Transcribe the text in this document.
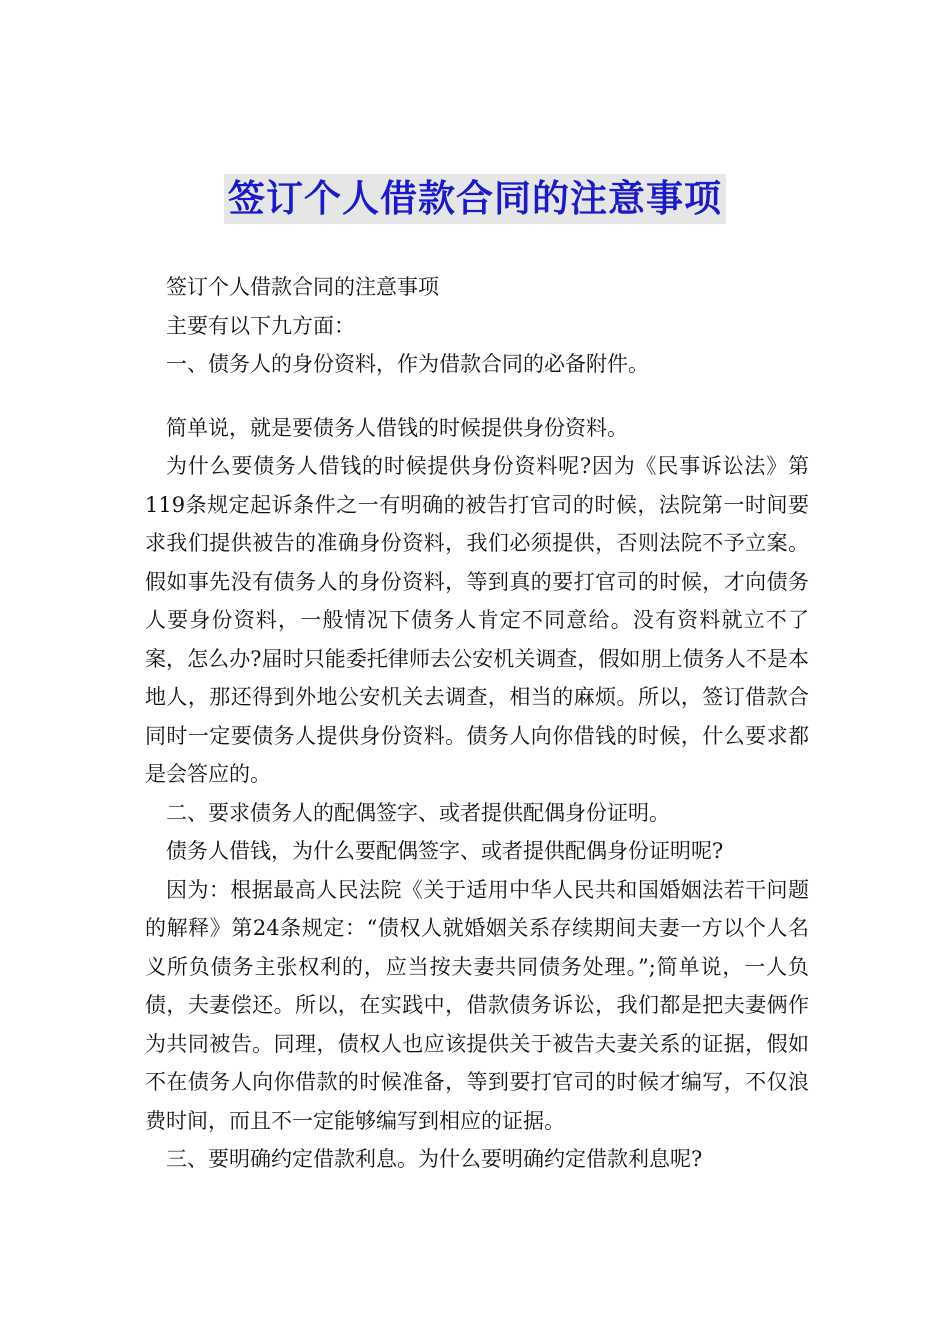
签订个人借款合同的注意事项

签订个人借款合同的注意事项

主要有以下九方面：

一、债务人的身份资料，作为借款合同的必备附件。

简单说，就是要债务人借钱的时候提供身份资料。

为什么要债务人借钱的时候提供身份资料呢?因为《民事诉讼法》第119条规定起诉条件之一有明确的被告打官司的时候，法院第一时间要求我们提供被告的准确身份资料，我们必须提供，否则法院不予立案。假如事先没有债务人的身份资料，等到真的要打官司的时候，才向债务人要身份资料，一般情况下债务人肯定不同意给。没有资料就立不了案，怎么办?届时只能委托律师去公安机关调查，假如朋上债务人不是本地人，那还得到外地公安机关去调查，相当的麻烦。所以，签订借款合同时一定要债务人提供身份资料。债务人向你借钱的时候，什么要求都是会答应的。

二、要求债务人的配偶签字、或者提供配偶身份证明。

债务人借钱，为什么要配偶签字、或者提供配偶身份证明呢?

因为：根据最高人民法院《关于适用中华人民共和国婚姻法若干问题的解释》第24条规定：“债权人就婚姻关系存续期间夫妻一方以个人名义所负债务主张权利的，应当按夫妻共同债务处理。”;简单说，一人负债，夫妻偿还。所以，在实践中，借款债务诉讼，我们都是把夫妻俩作为共同被告。同理，债权人也应该提供关于被告夫妻关系的证据，假如不在债务人向你借款的时候准备，等到要打官司的时候才编写，不仅浪费时间，而且不一定能够编写到相应的证据。

三、要明确约定借款利息。为什么要明确约定借款利息呢?
